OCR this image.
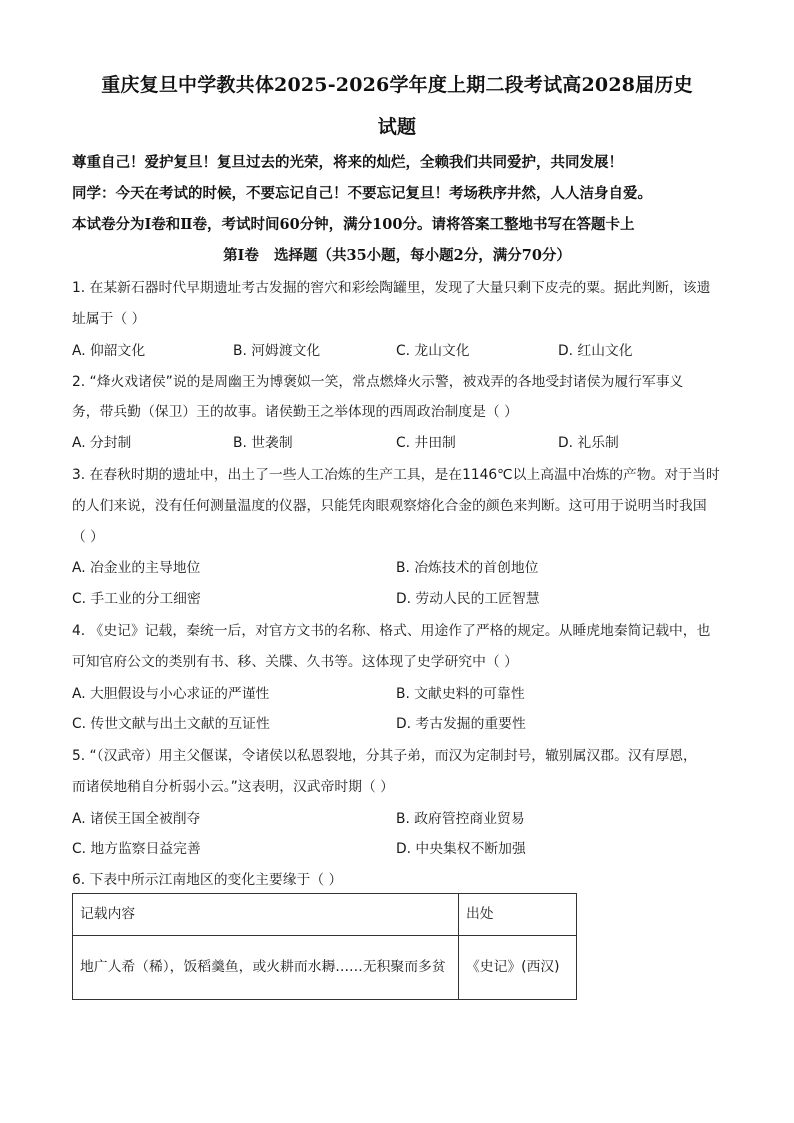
重庆复旦中学教共体2025-2026学年度上期二段考试高2028届历史
试题
尊重自己！爱护复旦！复旦过去的光荣，将来的灿烂，全赖我们共同爱护，共同发展！
同学：今天在考试的时候，不要忘记自己！不要忘记复旦！考场秩序井然，人人洁身自爱。
本试卷分为Ⅰ卷和Ⅱ卷，考试时间60分钟，满分100分。请将答案工整地书写在答题卡上
第Ⅰ卷   选择题（共35小题，每小题2分，满分70分）
1. 在某新石器时代早期遗址考古发掘的窖穴和彩绘陶罐里，发现了大量只剩下皮壳的粟。据此判断，该遗
址属于（ ）
A. 仰韶文化	B. 河姆渡文化	C. 龙山文化	D. 红山文化
2. “烽火戏诸侯”说的是周幽王为博褒姒一笑，常点燃烽火示警，被戏弄的各地受封诸侯为履行军事义
务，带兵勤（保卫）王的故事。诸侯勤王之举体现的西周政治制度是（ ）
A. 分封制	B. 世袭制	C. 井田制	D. 礼乐制
3. 在春秋时期的遗址中，出土了一些人工冶炼的生产工具，是在1146℃以上高温中冶炼的产物。对于当时
的人们来说，没有任何测量温度的仪器，只能凭肉眼观察熔化合金的颜色来判断。这可用于说明当时我国
（ ）
A. 冶金业的主导地位	B. 冶炼技术的首创地位
C. 手工业的分工细密	D. 劳动人民的工匠智慧
4. 《史记》记载，秦统一后，对官方文书的名称、格式、用途作了严格的规定。从睡虎地秦简记载中，也
可知官府公文的类别有书、移、关牒、久书等。这体现了史学研究中（ ）
A. 大胆假设与小心求证的严谨性	B. 文献史料的可靠性
C. 传世文献与出土文献的互证性	D. 考古发掘的重要性
5. “（汉武帝）用主父偃谋，令诸侯以私恩裂地，分其子弟，而汉为定制封号，辙别属汉郡。汉有厚恩，
而诸侯地稍自分析弱小云。”这表明，汉武帝时期（ ）
A. 诸侯王国全被削夺	B. 政府管控商业贸易
C. 地方监察日益完善	D. 中央集权不断加强
6. 下表中所示江南地区的变化主要缘于（ ）
记载内容	出处
地广人希（稀），饭稻羹鱼，或火耕而水耨……无积聚而多贫	《史记》(西汉)
